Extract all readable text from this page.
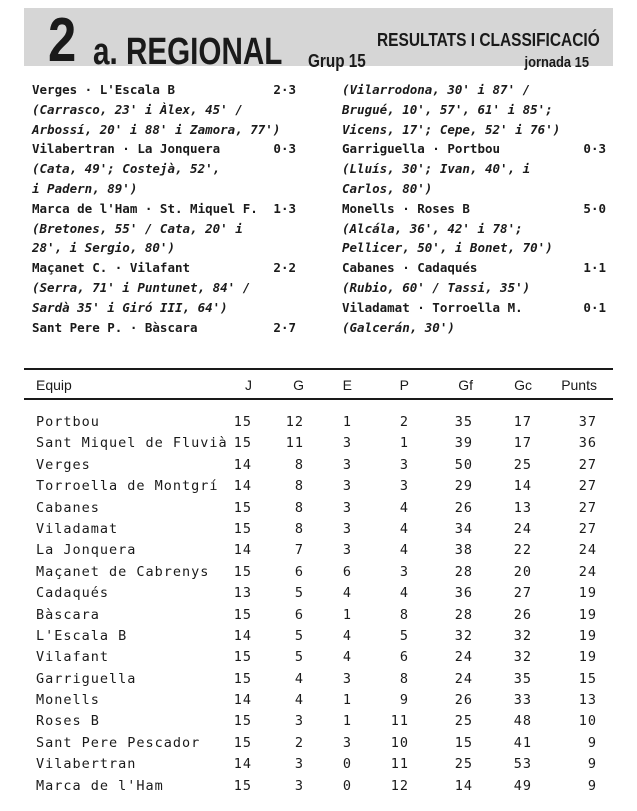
2 a. REGIONAL Grup 15
RESULTATS I CLASSIFICACIÓ
jornada 15
Verges · L'Escala B	2·3
(Carrasco, 23' i Àlex, 45' /
Arbossí, 20' i 88' i Zamora, 77')
Vilabertran · La Jonquera	0·3
(Cata, 49'; Costejà, 52',
i Padern, 89')
Marca de l'Ham · St. Miquel F. 1·3
(Bretones, 55' / Cata, 20' i
28', i Sergio, 80')
Maçanet C. · Vilafant	2·2
(Serra, 71' i Puntunet, 84' /
Sardà 35' i Giró III, 64')
Sant Pere P. · Bàscara	2·7
(Vilarrodona, 30' i 87' /
Brugué, 10', 57', 61' i 85';
Vicens, 17'; Cepe, 52' i 76')
Garriguella · Portbou	0·3
(Lluís, 30'; Ivan, 40', i
Carlos, 80')
Monells · Roses B	5·0
(Alcála, 36', 42' i 78';
Pellicer, 50', i Bonet, 70')
Cabanes · Cadaqués	1·1
(Rubio, 60' / Tassi, 35')
Viladamat · Torroella M.	0·1
(Galcerán, 30')
Equip	J	G	E	P	Gf	Gc Punts
Portbou	15	12	1	2	35	17	37
Sant Miquel de Fluvià 15	11	3	1	39	17	36
Verges	14	8	3	3	50	25	27
Torroella de Montgrí	14	8	3	3	29	14	27
Cabanes	15	8	3	4	26	13	27
Viladamat	15	8	3	4	34	24	27
La Jonquera	14	7	3	4	38	22	24
Maçanet de Cabrenys	15	6	6	3	28	20	24
Cadaqués	13	5	4	4	36	27	19
Bàscara	15	6	1	8	28	26	19
L'Escala B	14	5	4	5	32	32	19
Vilafant	15	5	4	6	24	32	19
Garriguella	15	4	3	8	24	35	15
Monells	14	4	1	9	26	33	13
Roses B	15	3	1	11	25	48	10
Sant Pere Pescador	15	2	3	10	15	41	9
Vilabertran	14	3	0	11	25	53	9
Marca de l'Ham	15	3	0	12	14	49	9
